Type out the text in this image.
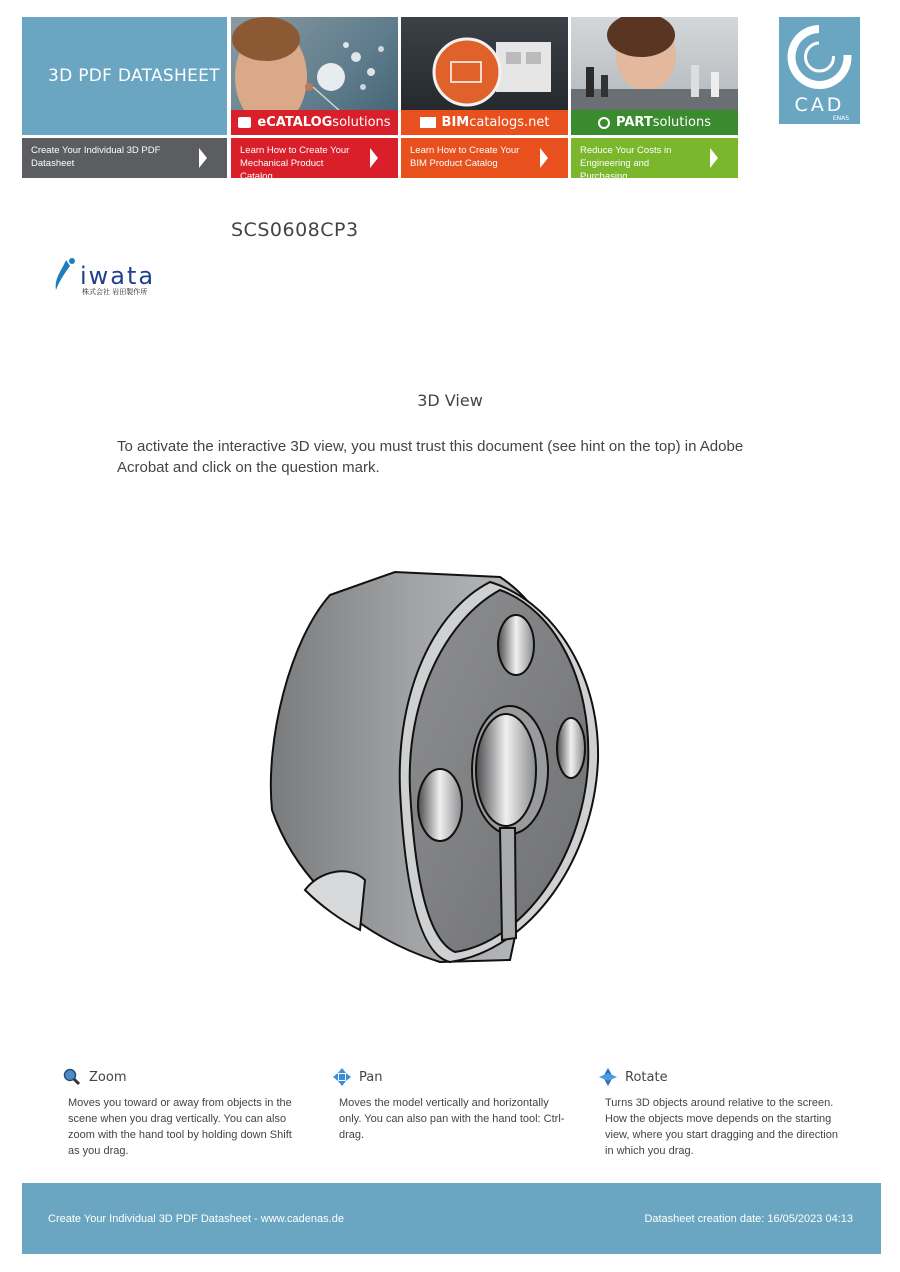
3D PDF DATASHEET
eCATALOGsolutions	BIMcatalogs.net	PARTsolutions
Create Your Individual 3D PDF Datasheet
Learn How to Create Your Mechanical Product Catalog
Learn How to Create Your BIM Product Catalog
Reduce Your Costs in Engineering and Purchasing
CAD
ENAS
SCS0608CP3
iwata
株式会社 岩田製作所
3D View
To activate the interactive 3D view, you must trust this document (see hint on the top) in Adobe Acrobat and click on the question mark.
Zoom
Moves you toward or away from objects in the scene when you drag vertically. You can also zoom with the hand tool by holding down Shift as you drag.
Pan
Moves the model vertically and horizontally only. You can also pan with the hand tool: Ctrl-drag.
Rotate
Turns 3D objects around relative to the screen. How the objects move depends on the starting view, where you start dragging and the direction in which you drag.
Create Your Individual 3D PDF Datasheet - www.cadenas.de	Datasheet creation date: 16/05/2023 04:13
